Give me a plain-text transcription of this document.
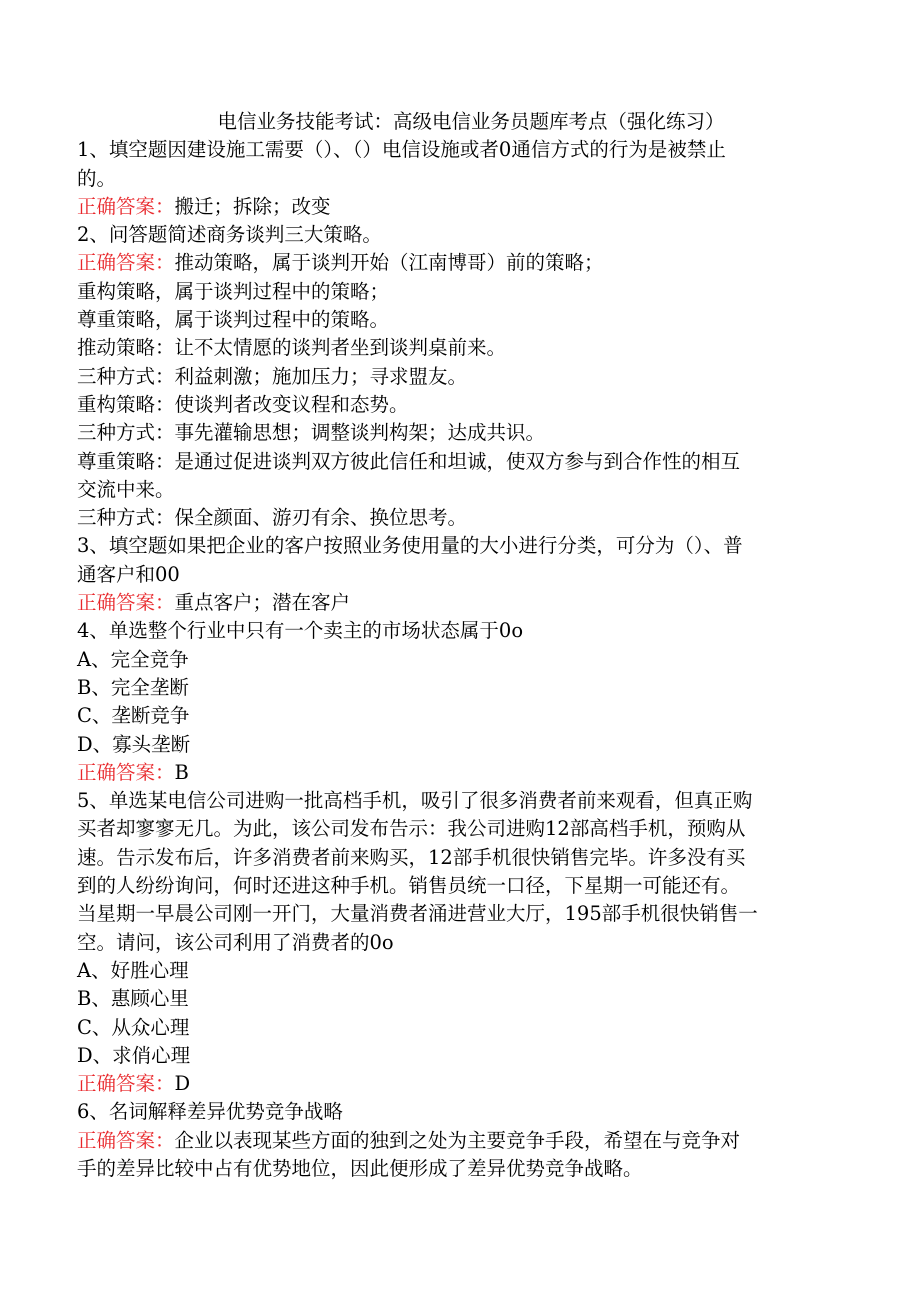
电信业务技能考试：高级电信业务员题库考点（强化练习）
1、填空题因建设施工需要（）、（）电信设施或者0通信方式的行为是被禁止
的。
正确答案：搬迁；拆除；改变
2、问答题简述商务谈判三大策略。
正确答案：推动策略，属于谈判开始（江南博哥）前的策略；
重构策略，属于谈判过程中的策略；
尊重策略，属于谈判过程中的策略。
推动策略：让不太情愿的谈判者坐到谈判桌前来。
三种方式：利益刺激；施加压力；寻求盟友。
重构策略：使谈判者改变议程和态势。
三种方式：事先灌输思想；调整谈判构架；达成共识。
尊重策略：是通过促进谈判双方彼此信任和坦诚，使双方参与到合作性的相互
交流中来。
三种方式：保全颜面、游刃有余、换位思考。
3、填空题如果把企业的客户按照业务使用量的大小进行分类，可分为（）、普
通客户和00
正确答案：重点客户；潜在客户
4、单选整个行业中只有一个卖主的市场状态属于0o
A、完全竞争
B、完全垄断
C、垄断竞争
D、寡头垄断
正确答案：B
5、单选某电信公司进购一批高档手机，吸引了很多消费者前来观看，但真正购
买者却寥寥无几。为此，该公司发布告示：我公司进购12部高档手机，预购从
速。告示发布后，许多消费者前来购买，12部手机很快销售完毕。许多没有买
到的人纷纷询问，何时还进这种手机。销售员统一口径，下星期一可能还有。
当星期一早晨公司刚一开门，大量消费者涌进营业大厅，195部手机很快销售一
空。请问，该公司利用了消费者的0o
A、好胜心理
B、惠顾心里
C、从众心理
D、求俏心理
正确答案：D
6、名词解释差异优势竞争战略
正确答案：企业以表现某些方面的独到之处为主要竞争手段，希望在与竞争对
手的差异比较中占有优势地位，因此便形成了差异优势竞争战略。
